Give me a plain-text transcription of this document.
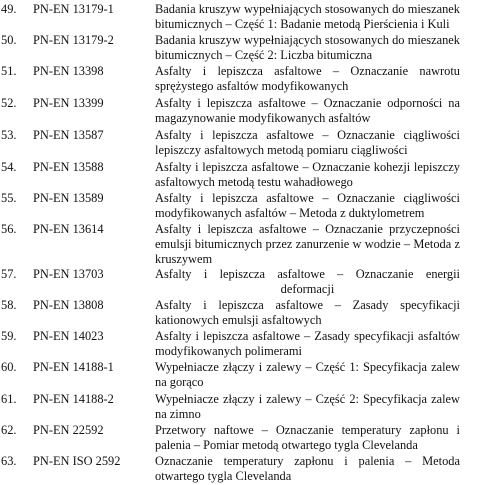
49.	PN-EN 13179-1	Badania kruszyw wypełniających stosowanych do mieszanek
bitumicznych – Część 1: Badanie metodą Pierścienia i Kuli
50.	PN-EN 13179-2	Badania kruszyw wypełniających stosowanych do mieszanek
bitumicznych – Część 2: Liczba bitumiczna
51.	PN-EN 13398	Asfalty i lepiszcza asfaltowe – Oznaczanie nawrotu
sprężystego asfaltów modyfikowanych
52.	PN-EN 13399	Asfalty i lepiszcza asfaltowe – Oznaczanie odporności na
magazynowanie modyfikowanych asfaltów
53.	PN-EN 13587	Asfalty i lepiszcza asfaltowe – Oznaczanie ciągliwości
lepiszczy asfaltowych metodą pomiaru ciągliwości
54.	PN-EN 13588	Asfalty i lepiszcza asfaltowe – Oznaczanie kohezji lepiszczy
asfaltowych metodą testu wahadłowego
55.	PN-EN 13589	Asfalty i lepiszcza asfaltowe – Oznaczanie ciągliwości
modyfikowanych asfaltów – Metoda z duktylometrem
56.	PN-EN 13614	Asfalty i lepiszcza asfaltowe – Oznaczanie przyczepności
emulsji bitumicznych przez zanurzenie w wodzie – Metoda z
kruszywem
57.	PN-EN 13703	Asfalty i lepiszcza asfaltowe – Oznaczanie energii
deformacji
58.	PN-EN 13808	Asfalty i lepiszcza asfaltowe – Zasady specyfikacji
kationowych emulsji asfaltowych
59.	PN-EN 14023	Asfalty i lepiszcza asfaltowe – Zasady specyfikacji asfaltów
modyfikowanych polimerami
60.	PN-EN 14188-1	Wypełniacze złączy i zalewy – Część 1: Specyfikacja zalew
na gorąco
61.	PN-EN 14188-2	Wypełniacze złączy i zalewy – Część 2: Specyfikacja zalew
na zimno
62.	PN-EN 22592	Przetwory naftowe – Oznaczanie temperatury zapłonu i
palenia – Pomiar metodą otwartego tygla Clevelanda
63.	PN-EN ISO 2592	Oznaczanie temperatury zapłonu i palenia – Metoda
otwartego tygla Clevelanda
